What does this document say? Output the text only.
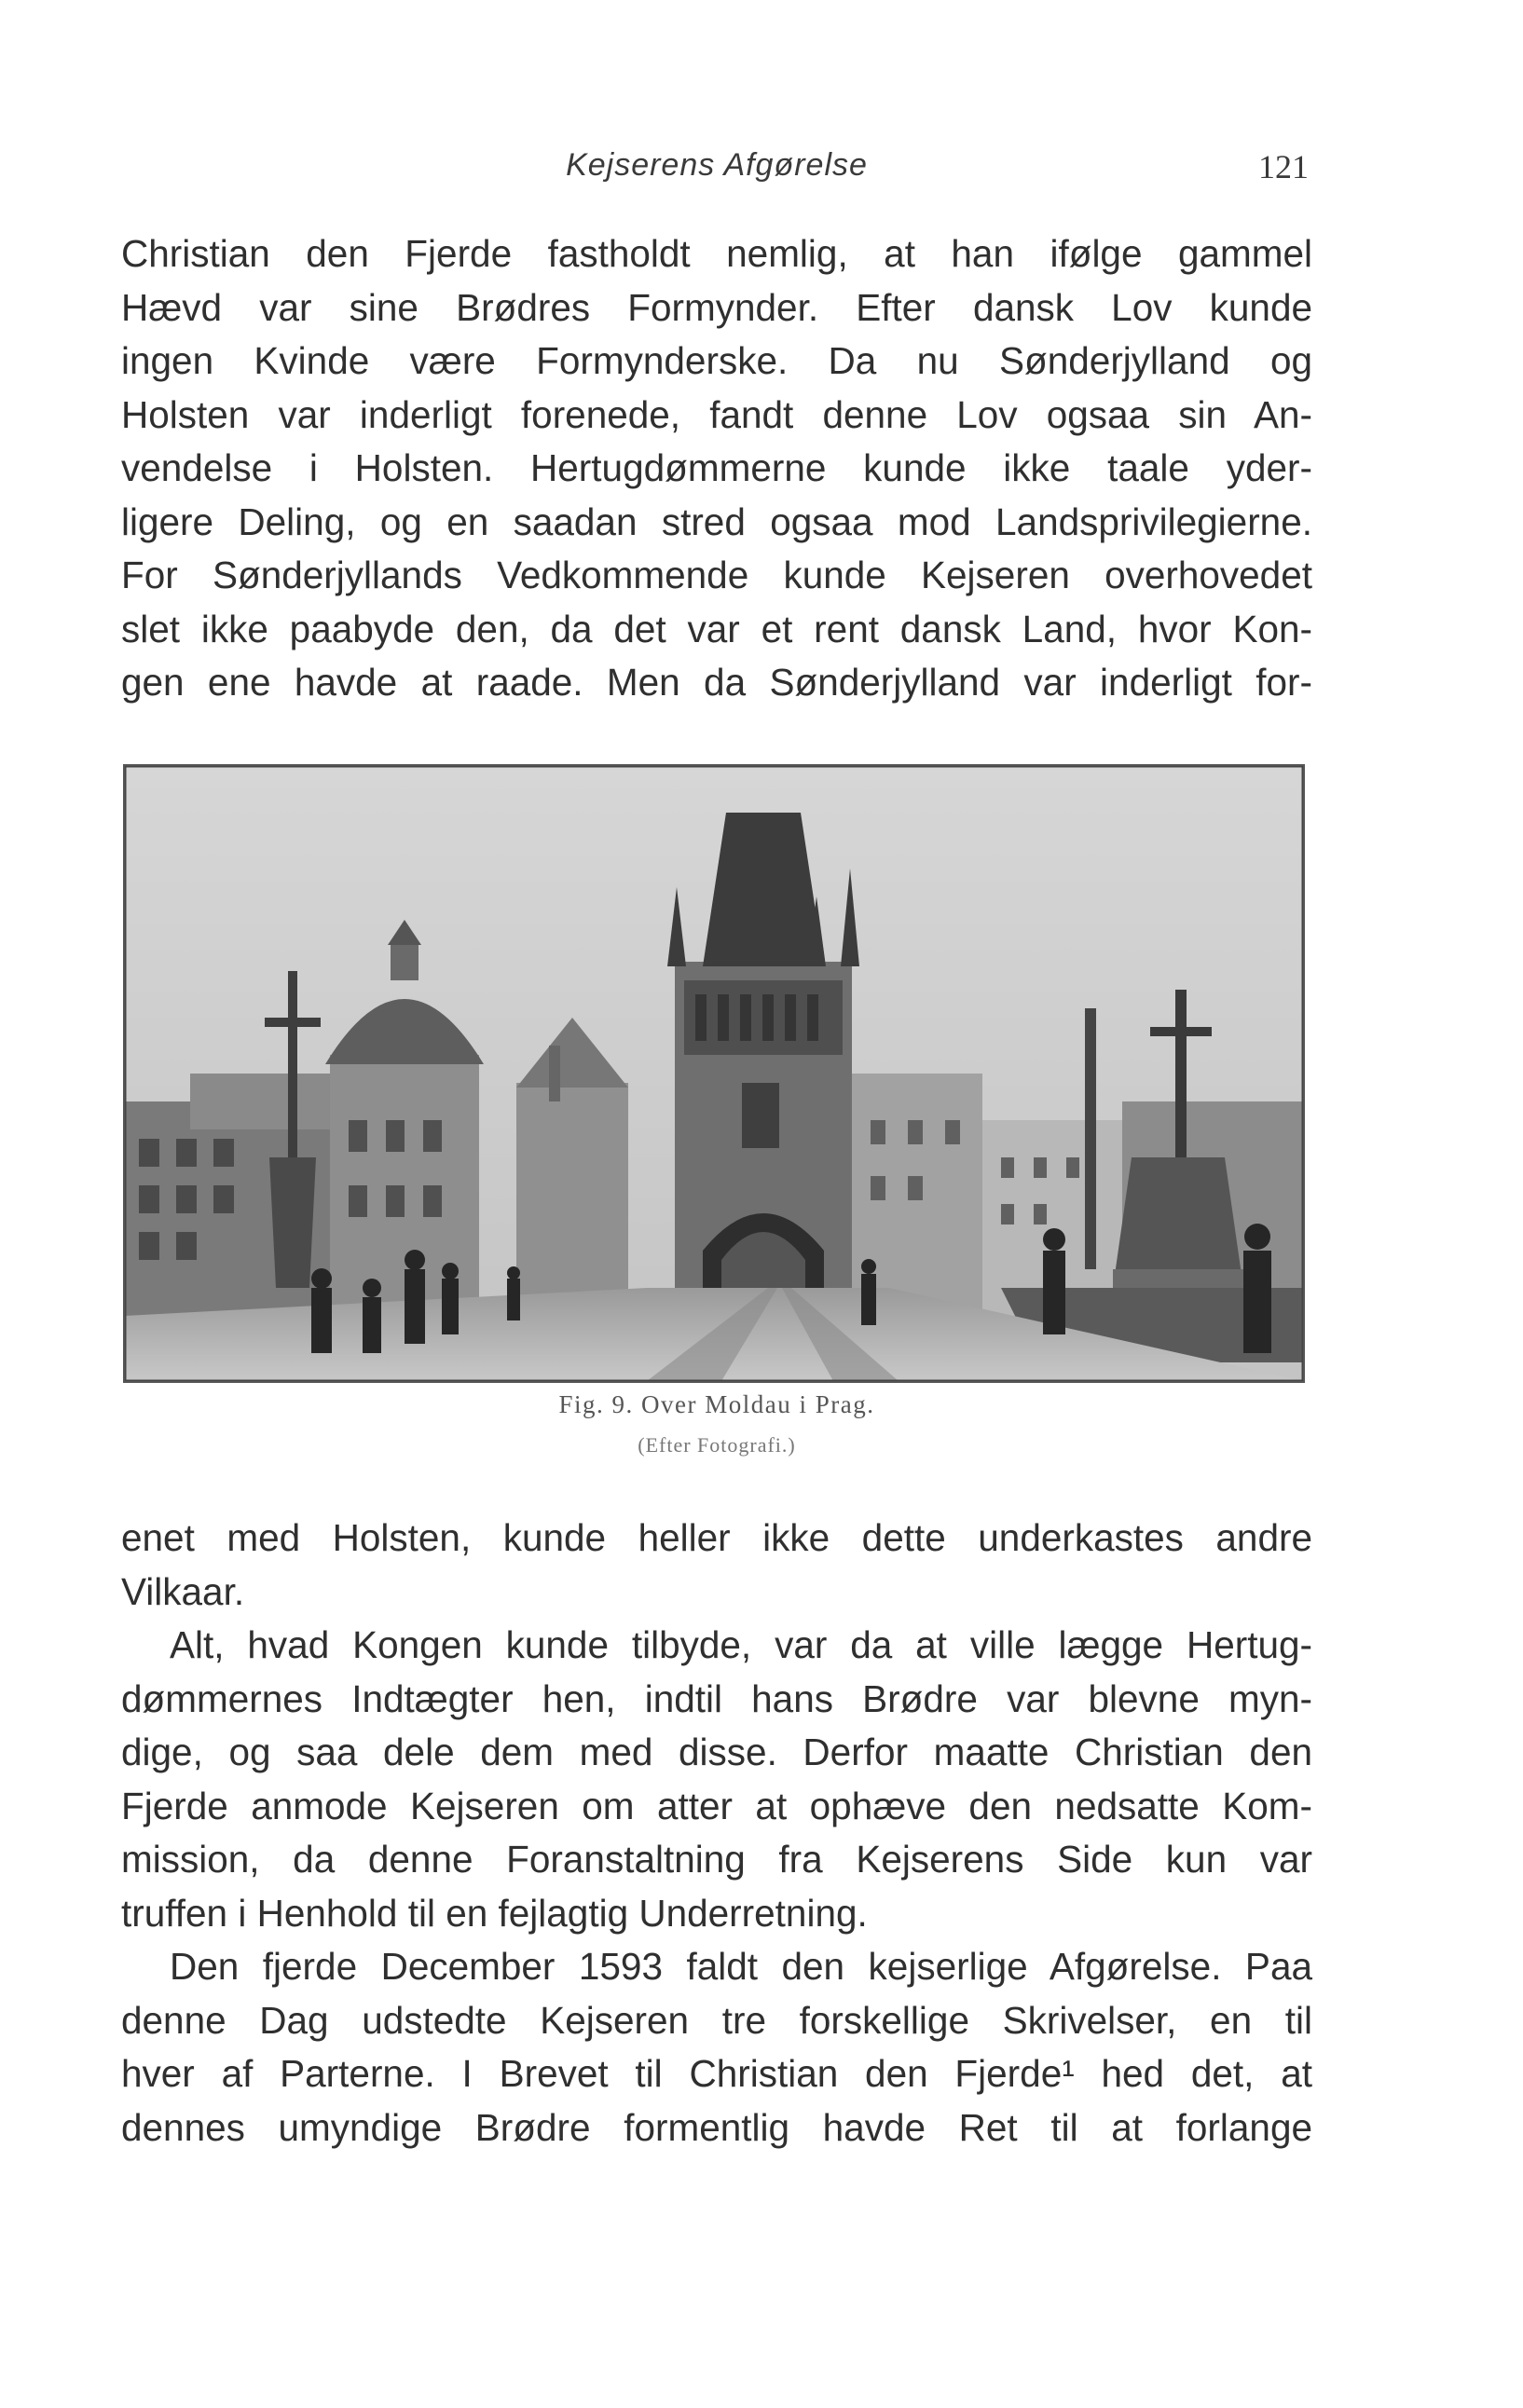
Kejserens Afgørelse	121
Christian den Fjerde fastholdt nemlig, at han ifølge gammel
Hævd var sine Brødres Formynder. Efter dansk Lov kunde
ingen Kvinde være Formynderske. Da nu Sønderjylland og
Holsten var inderligt forenede, fandt denne Lov ogsaa sin An-
vendelse i Holsten. Hertugdømmerne kunde ikke taale yder-
ligere Deling, og en saadan stred ogsaa mod Landsprivilegierne.
For Sønderjyllands Vedkommende kunde Kejseren overhovedet
slet ikke paabyde den, da det var et rent dansk Land, hvor Kon-
gen ene havde at raade. Men da Sønderjylland var inderligt for-
Fig. 9. Over Moldau i Prag.
(Efter Fotografi.)
enet med Holsten, kunde heller ikke dette underkastes andre
Vilkaar.
Alt, hvad Kongen kunde tilbyde, var da at ville lægge Hertug-
dømmernes Indtægter hen, indtil hans Brødre var blevne myn-
dige, og saa dele dem med disse. Derfor maatte Christian den
Fjerde anmode Kejseren om atter at ophæve den nedsatte Kom-
mission, da denne Foranstaltning fra Kejserens Side kun var
truffen i Henhold til en fejlagtig Underretning.
Den fjerde December 1593 faldt den kejserlige Afgørelse. Paa
denne Dag udstedte Kejseren tre forskellige Skrivelser, en til
hver af Parterne. I Brevet til Christian den Fjerde¹ hed det, at
dennes umyndige Brødre formentlig havde Ret til at forlange
